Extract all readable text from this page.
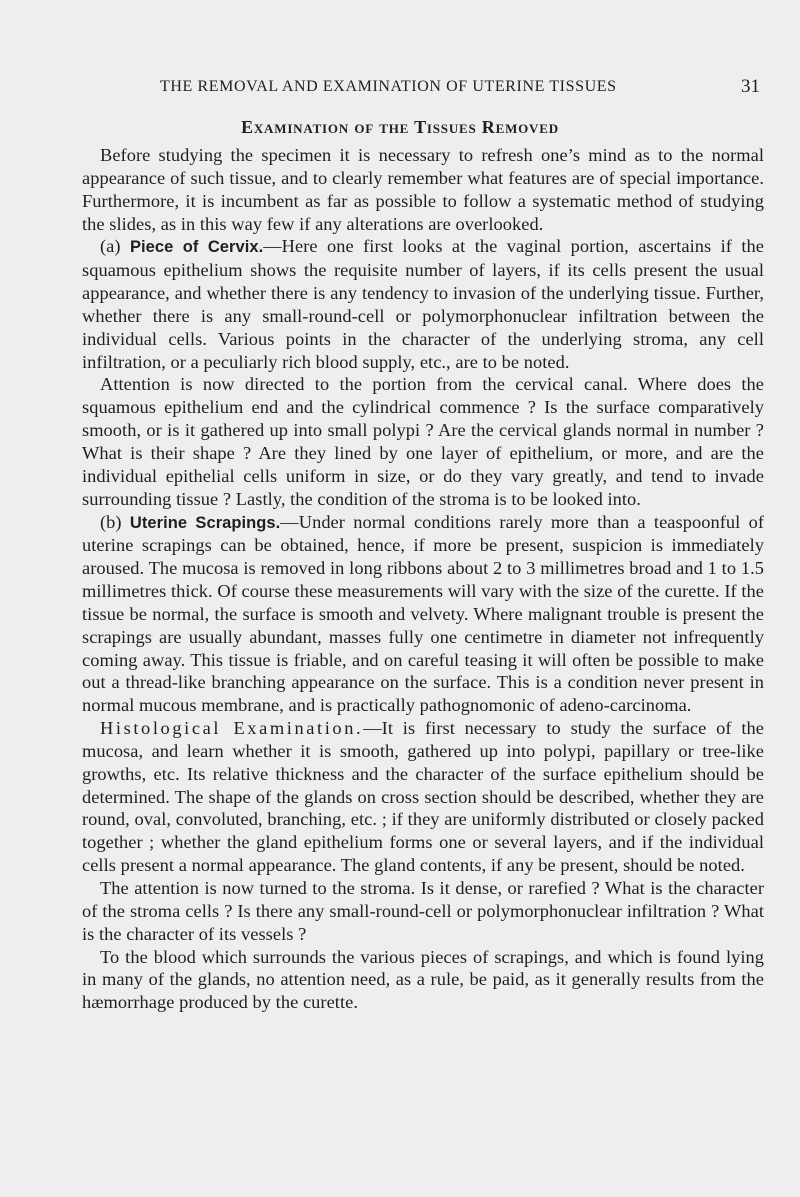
THE REMOVAL AND EXAMINATION OF UTERINE TISSUES	31
Examination of the Tissues Removed

Before studying the specimen it is necessary to refresh one’s mind as to the normal appearance of such tissue, and to clearly remember what features are of special importance. Furthermore, it is incumbent as far as possible to follow a systematic method of studying the slides, as in this way few if any alterations are overlooked.

(a) Piece of Cervix.—Here one first looks at the vaginal portion, ascertains if the squamous epithelium shows the requisite number of layers, if its cells present the usual appearance, and whether there is any tendency to invasion of the underlying tissue. Further, whether there is any small-round-cell or polymorphonuclear infiltration between the individual cells. Various points in the character of the underlying stroma, any cell infiltration, or a peculiarly rich blood supply, etc., are to be noted.

Attention is now directed to the portion from the cervical canal. Where does the squamous epithelium end and the cylindrical commence ? Is the surface comparatively smooth, or is it gathered up into small polypi ? Are the cervical glands normal in number ? What is their shape ? Are they lined by one layer of epithelium, or more, and are the individual epithelial cells uniform in size, or do they vary greatly, and tend to invade surrounding tissue ? Lastly, the condition of the stroma is to be looked into.

(b) Uterine Scrapings.—Under normal conditions rarely more than a teaspoonful of uterine scrapings can be obtained, hence, if more be present, suspicion is immediately aroused. The mucosa is removed in long ribbons about 2 to 3 millimetres broad and 1 to 1.5 millimetres thick. Of course these measurements will vary with the size of the curette. If the tissue be normal, the surface is smooth and velvety. Where malignant trouble is present the scrapings are usually abundant, masses fully one centimetre in diameter not infrequently coming away. This tissue is friable, and on careful teasing it will often be possible to make out a thread-like branching appearance on the surface. This is a condition never present in normal mucous membrane, and is practically pathognomonic of adeno-carcinoma.

Histological Examination.—It is first necessary to study the surface of the mucosa, and learn whether it is smooth, gathered up into polypi, papillary or tree-like growths, etc. Its relative thickness and the character of the surface epithelium should be determined. The shape of the glands on cross section should be described, whether they are round, oval, convoluted, branching, etc. ; if they are uniformly distributed or closely packed together ; whether the gland epithelium forms one or several layers, and if the individual cells present a normal appearance. The gland contents, if any be present, should be noted.

The attention is now turned to the stroma. Is it dense, or rarefied ? What is the character of the stroma cells ? Is there any small-round-cell or polymorphonuclear infiltration ? What is the character of its vessels ?

To the blood which surrounds the various pieces of scrapings, and which is found lying in many of the glands, no attention need, as a rule, be paid, as it generally results from the hæmorrhage produced by the curette.
